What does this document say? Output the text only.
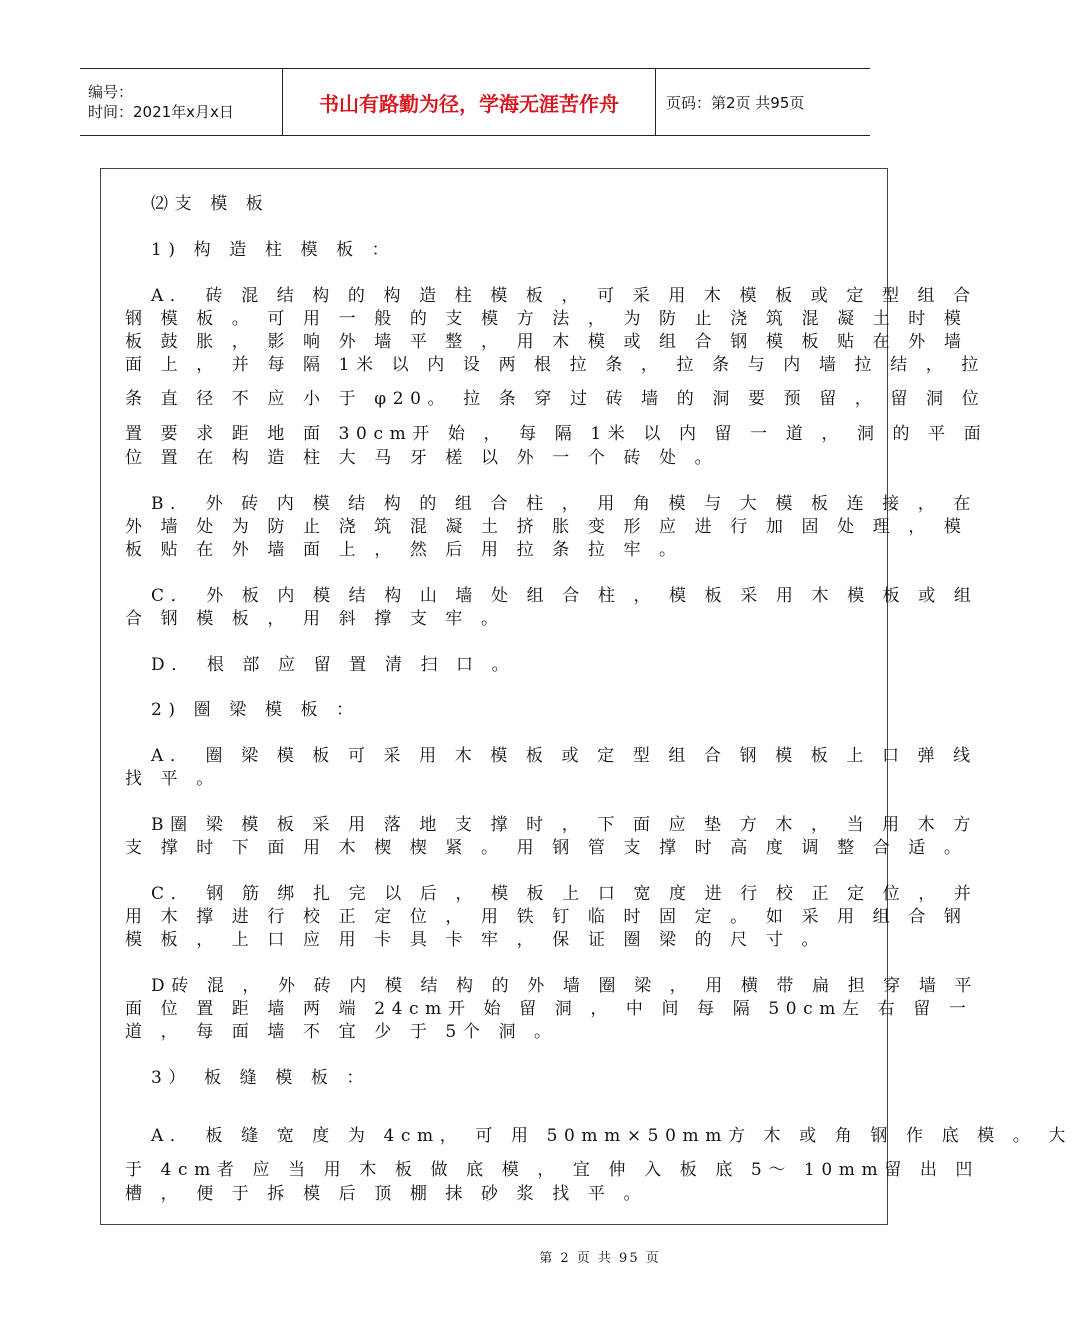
编号：
时间：2021年x月x日	书山有路勤为径，学海无涯苦作舟	页码：第2页 共95页
⑵支 模 板
1) 构 造 柱 模 板 ：
A． 砖 混 结 构 的 构 造 柱 模 板 ， 可 采 用 木 模 板 或 定 型 组 合
钢 模 板 。 可 用 一 般 的 支 模 方 法 ， 为 防 止 浇 筑 混 凝 土 时 模
板 鼓 胀 ， 影 响 外 墙 平 整 ， 用 木 模 或 组 合 钢 模 板 贴 在 外 墙
面 上 ， 并 每 隔 1米 以 内 设 两 根 拉 条 ， 拉 条 与 内 墙 拉 结 ， 拉
条 直 径 不 应 小 于 φ20。 拉 条 穿 过 砖 墙 的 洞 要 预 留 ， 留 洞 位
置 要 求 距 地 面 30cm开 始 ， 每 隔 1米 以 内 留 一 道 ， 洞 的 平 面
位 置 在 构 造 柱 大 马 牙 槎 以 外 一 个 砖 处 。
B． 外 砖 内 模 结 构 的 组 合 柱 ， 用 角 模 与 大 模 板 连 接 ， 在
外 墙 处 为 防 止 浇 筑 混 凝 土 挤 胀 变 形 应 进 行 加 固 处 理 ， 模
板 贴 在 外 墙 面 上 ， 然 后 用 拉 条 拉 牢 。
C． 外 板 内 模 结 构 山 墙 处 组 合 柱 ， 模 板 采 用 木 模 板 或 组
合 钢 模 板 ， 用 斜 撑 支 牢 。
D． 根 部 应 留 置 清 扫 口 。
2) 圈 梁 模 板 ：
A． 圈 梁 模 板 可 采 用 木 模 板 或 定 型 组 合 钢 模 板 上 口 弹 线
找 平 。
B圈 梁 模 板 采 用 落 地 支 撑 时 ， 下 面 应 垫 方 木 ， 当 用 木 方
支 撑 时 下 面 用 木 楔 楔 紧 。 用 钢 管 支 撑 时 高 度 调 整 合 适 。
C． 钢 筋 绑 扎 完 以 后 ， 模 板 上 口 宽 度 进 行 校 正 定 位 ， 并
用 木 撑 进 行 校 正 定 位 ， 用 铁 钉 临 时 固 定 。 如 采 用 组 合 钢
模 板 ， 上 口 应 用 卡 具 卡 牢 ， 保 证 圈 梁 的 尺 寸 。
D砖 混 ， 外 砖 内 模 结 构 的 外 墙 圈 梁 ， 用 横 带 扁 担 穿 墙 平
面 位 置 距 墙 两 端 24cm开 始 留 洞 ， 中 间 每 隔 50cm左 右 留 一
道 ， 每 面 墙 不 宜 少 于 5个 洞 。
3） 板 缝 模 板 ：
A． 板 缝 宽 度 为 4cm， 可 用 50mm×50mm方 木 或 角 钢 作 底 模 。 大
于 4cm者 应 当 用 木 板 做 底 模 ， 宜 伸 入 板 底 5～ 10mm留 出 凹
槽 ， 便 于 拆 模 后 顶 棚 抹 砂 浆 找 平 。
第 2 页 共 95 页
